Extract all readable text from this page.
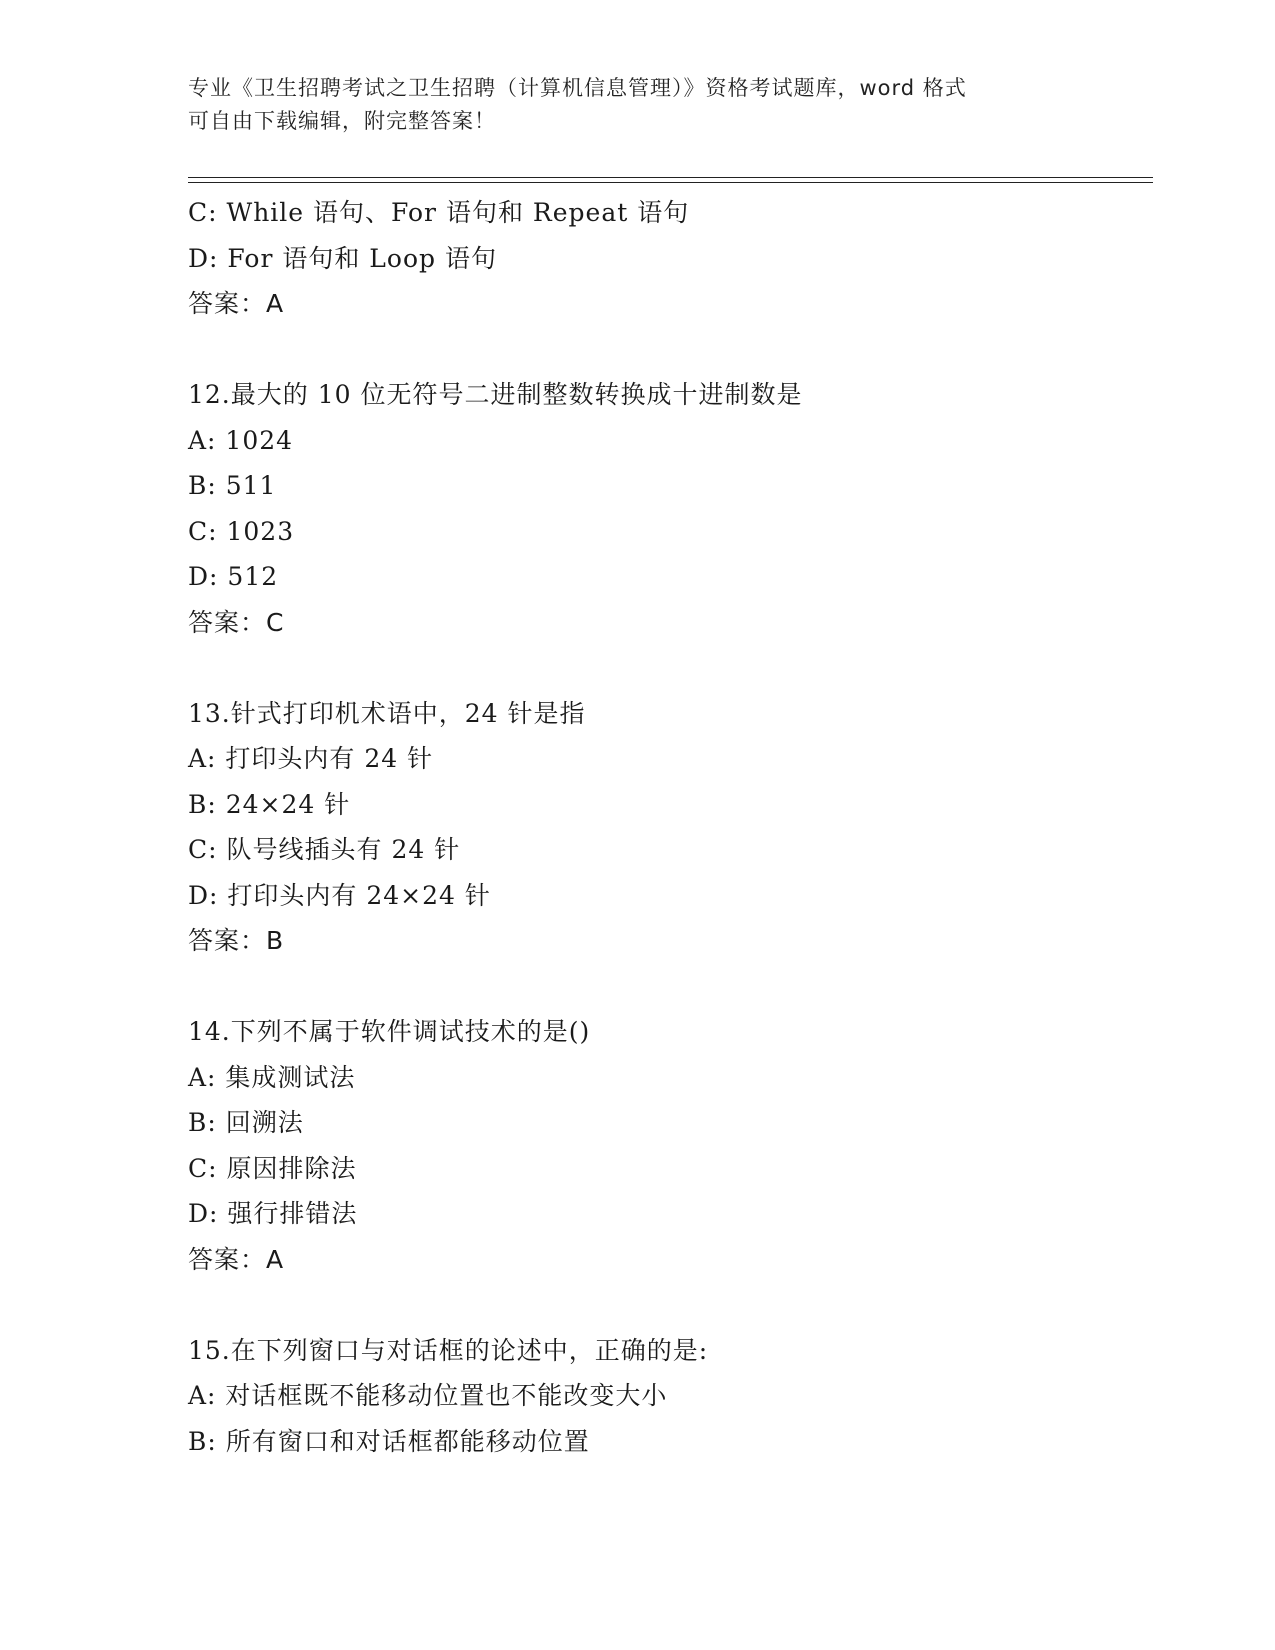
专业《卫生招聘考试之卫生招聘（计算机信息管理）》资格考试题库，word 格式
可自由下载编辑，附完整答案！
C: While 语句、For 语句和 Repeat 语句
D: For 语句和 Loop 语句
答案：A
12.最大的 10 位无符号二进制整数转换成十进制数是
A: 1024
B: 511
C: 1023
D: 512
答案：C
13.针式打印机术语中，24 针是指
A: 打印头内有 24 针
B: 24×24 针
C: 队号线插头有 24 针
D: 打印头内有 24×24 针
答案：B
14.下列不属于软件调试技术的是()
A: 集成测试法
B: 回溯法
C: 原因排除法
D: 强行排错法
答案：A
15.在下列窗口与对话框的论述中，正确的是:
A: 对话框既不能移动位置也不能改变大小
B: 所有窗口和对话框都能移动位置
